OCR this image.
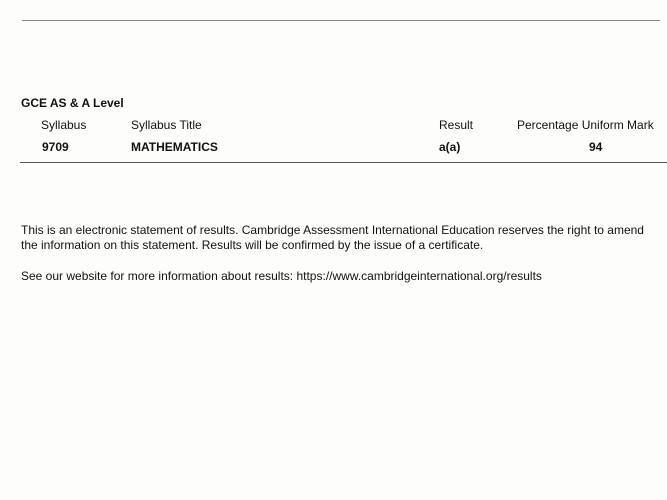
GCE AS & A Level
Syllabus	Syllabus Title	Result	Percentage Uniform Mark
9709	MATHEMATICS	a(a)	94
This is an electronic statement of results. Cambridge Assessment International Education reserves the right to amend the information on this statement. Results will be confirmed by the issue of a certificate.
See our website for more information about results: https://www.cambridgeinternational.org/results
